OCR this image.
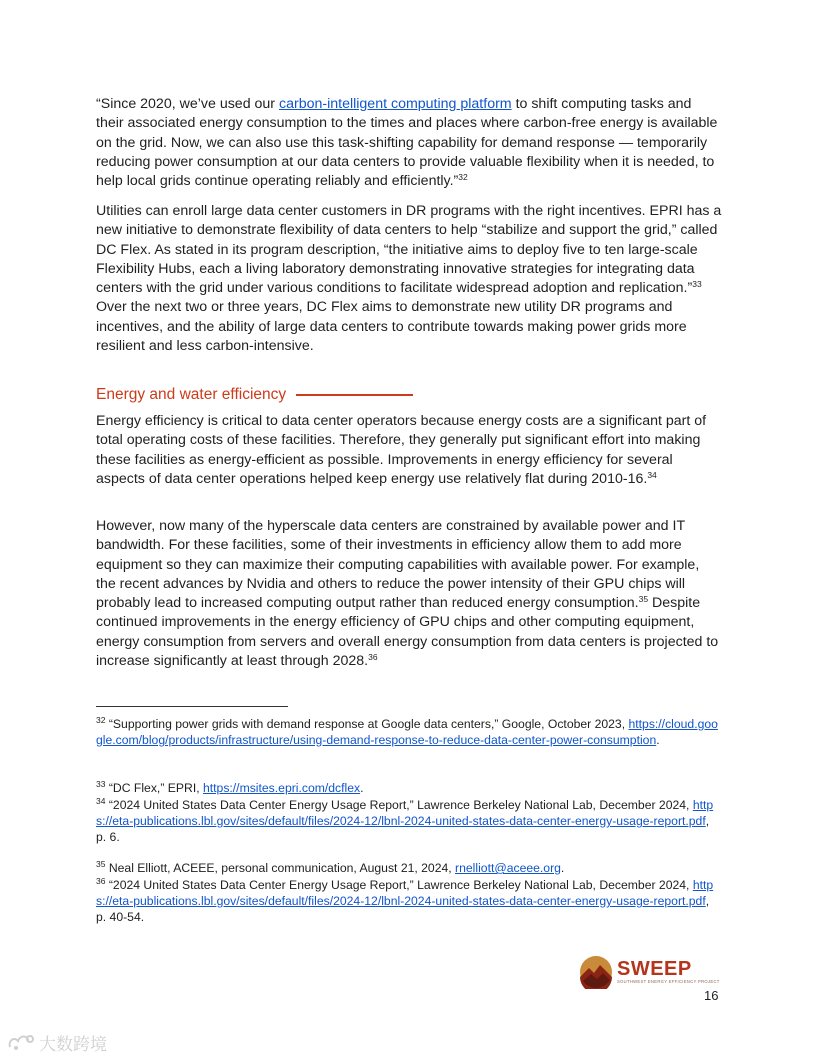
“Since 2020, we’ve used our carbon-intelligent computing platform to shift computing tasks and their associated energy consumption to the times and places where carbon-free energy is available on the grid. Now, we can also use this task-shifting capability for demand response — temporarily reducing power consumption at our data centers to provide valuable flexibility when it is needed, to help local grids continue operating reliably and efficiently.”$^{32}$

Utilities can enroll large data center customers in DR programs with the right incentives. EPRI has a new initiative to demonstrate flexibility of data centers to help “stabilize and support the grid,” called DC Flex. As stated in its program description, “the initiative aims to deploy five to ten large-scale Flexibility Hubs, each a living laboratory demonstrating innovative strategies for integrating data centers with the grid under various conditions to facilitate widespread adoption and replication.”$^{33}$ Over the next two or three years, DC Flex aims to demonstrate new utility DR programs and incentives, and the ability of large data centers to contribute towards making power grids more resilient and less carbon-intensive.

Energy and water efficiency

Energy efficiency is critical to data center operators because energy costs are a significant part of total operating costs of these facilities. Therefore, they generally put significant effort into making these facilities as energy-efficient as possible. Improvements in energy efficiency for several aspects of data center operations helped keep energy use relatively flat during 2010-16.34

However, now many of the hyperscale data centers are constrained by available power and IT bandwidth. For these facilities, some of their investments in efficiency allow them to add more equipment so they can maximize their computing capabilities with available power. For example, the recent advances by Nvidia and others to reduce the power intensity of their GPU chips will probably lead to increased computing output rather than reduced energy consumption.$^{35}$ Despite continued improvements in the energy efficiency of GPU chips and other computing equipment, energy consumption from servers and overall energy consumption from data centers is projected to increase significantly at least through 2028.36

$^{32}$ “Supporting power grids with demand response at Google data centers,” Google, October 2023, https://cloud.google.com/blog/products/infrastructure/using-demand-response-to-reduce-data-center-power-consumption.

$^{33}$ “DC Flex,” EPRI, https://msites.epri.com/dcflex.

$^{34}$ “2024 United States Data Center Energy Usage Report,” Lawrence Berkeley National Lab, December 2024, https://eta-publications.lbl.gov/sites/default/files/2024-12/lbnl-2024-united-states-data-center-energy-usage-report.pdf, p. 6.

$^{35}$ Neal Elliott, ACEEE, personal communication, August 21, 2024, rnelliott@aceee.org.

$^{36}$ “2024 United States Data Center Energy Usage Report,” Lawrence Berkeley National Lab, December 2024, https://eta-publications.lbl.gov/sites/default/files/2024-12/lbnl-2024-united-states-data-center-energy-usage-report.pdf, p. 40-54.

SWEEP
SOUTHWEST ENERGY EFFICIENCY PROJECT
16
大数跨境
